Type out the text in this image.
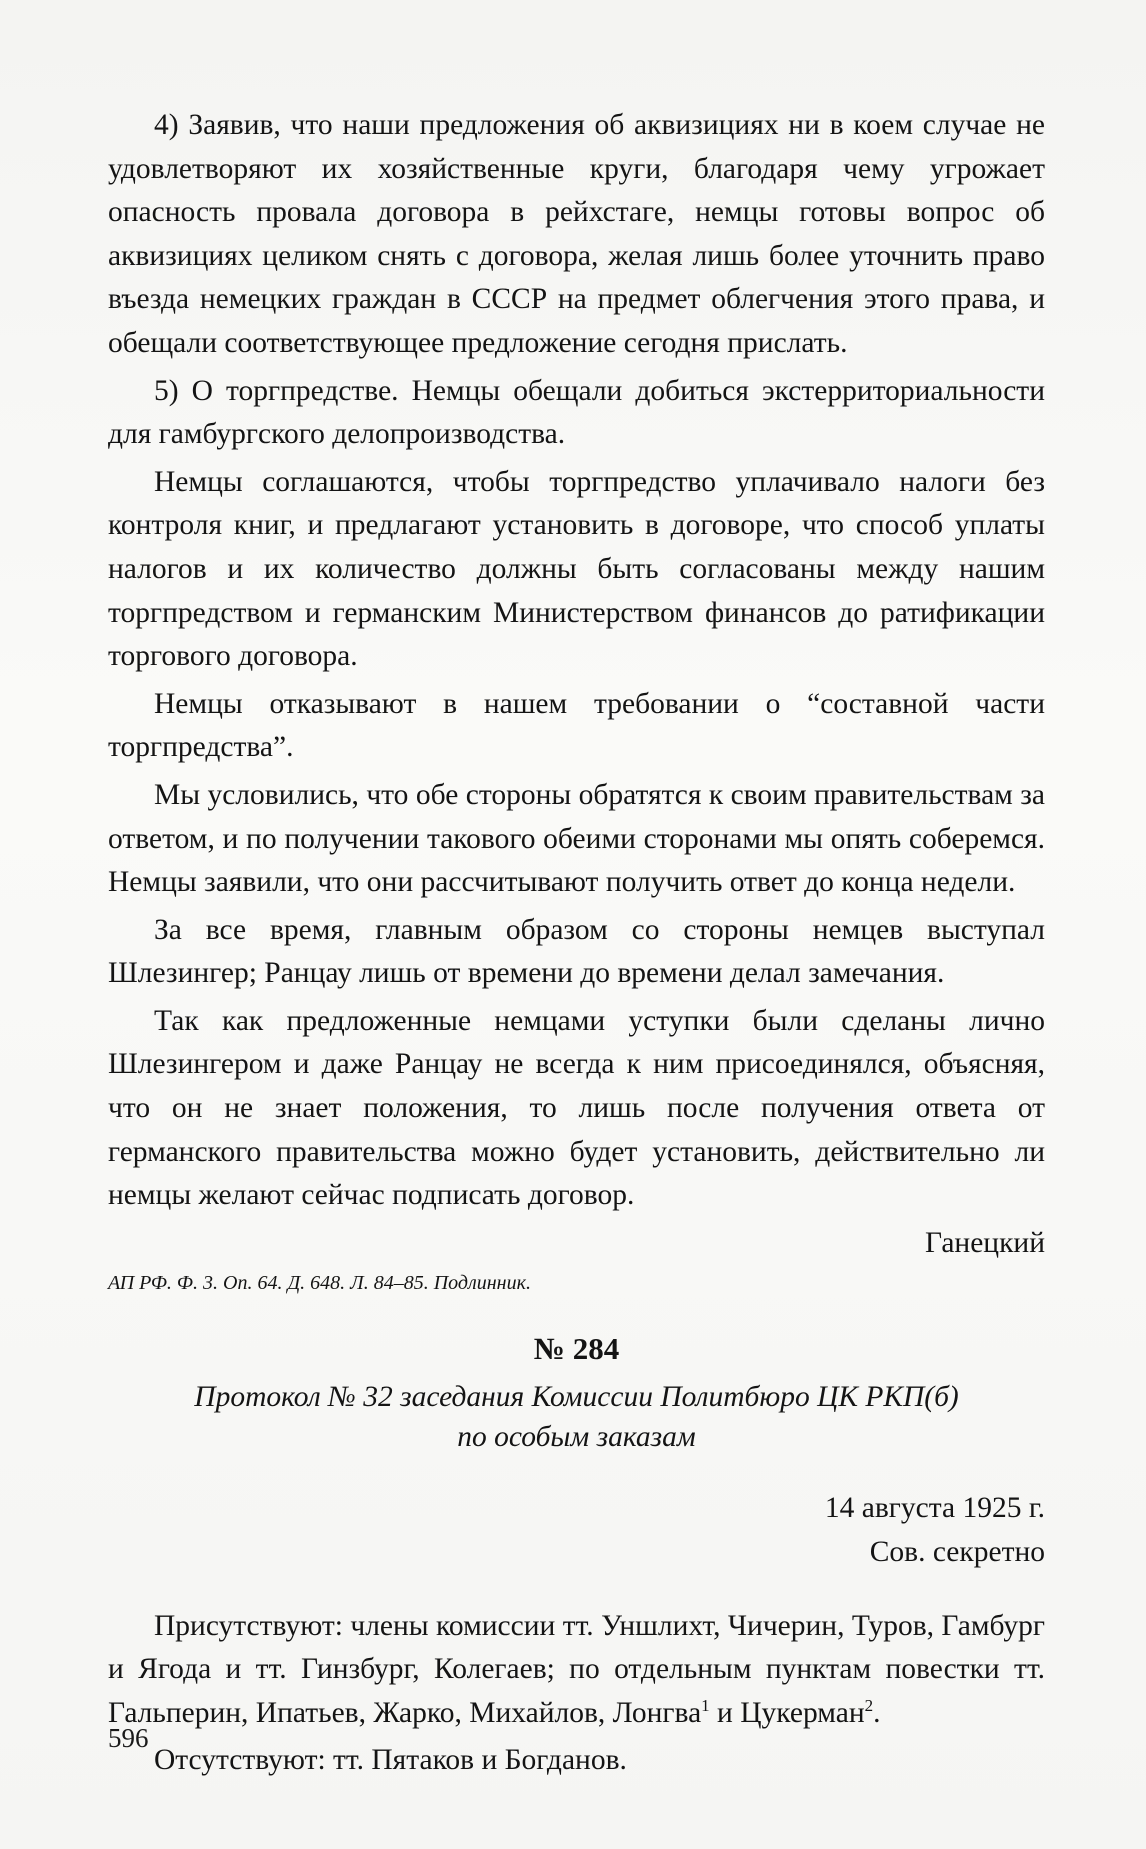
4) Заявив, что наши предложения об аквизициях ни в коем случае не удовлетворяют их хозяйственные круги, благодаря чему угрожает опасность провала договора в рейхстаге, немцы готовы вопрос об аквизициях целиком снять с договора, желая лишь более уточнить право въезда немецких граждан в СССР на предмет облегчения этого права, и обещали соответствующее предложение сегодня прислать.

5) О торгпредстве. Немцы обещали добиться экстерриториальности для гамбургского делопроизводства.

Немцы соглашаются, чтобы торгпредство уплачивало налоги без контроля книг, и предлагают установить в договоре, что способ уплаты налогов и их количество должны быть согласованы между нашим торгпредством и германским Министерством финансов до ратификации торгового договора.

Немцы отказывают в нашем требовании о “составной части торгпредства”.

Мы условились, что обе стороны обратятся к своим правительствам за ответом, и по получении такового обеими сторонами мы опять соберемся. Немцы заявили, что они рассчитывают получить ответ до конца недели.

За все время, главным образом со стороны немцев выступал Шлезингер; Ранцау лишь от времени до времени делал замечания.

Так как предложенные немцами уступки были сделаны лично Шлезингером и даже Ранцау не всегда к ним присоединялся, объясняя, что он не знает положения, то лишь после получения ответа от германского правительства можно будет установить, действительно ли немцы желают сейчас подписать договор.

Ганецкий

АП РФ. Ф. 3. Оп. 64. Д. 648. Л. 84–85. Подлинник.

№ 284

Протокол № 32 заседания Комиссии Политбюро ЦК РКП(б)
по особым заказам

14 августа 1925 г.

Сов. секретно

Присутствуют: члены комиссии тт. Уншлихт, Чичерин, Туров, Гамбург и Ягода и тт. Гинзбург, Колегаев; по отдельным пунктам повестки тт. Гальперин, Ипатьев, Жарко, Михайлов, Лонгва$^1$ и Цукерман$^2$.

Отсутствуют: тт. Пятаков и Богданов.

596
